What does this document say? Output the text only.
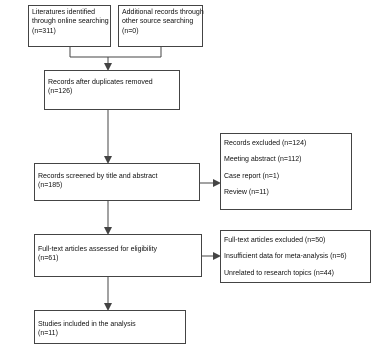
Literatures identified
through online searching
(n=311)
Additional records through
other source searching
(n=0)
Records after duplicates removed
(n=126)
Records screened by title and abstract
(n=185)
Records excluded (n=124)
Meeting abstract (n=112)
Case report (n=1)
Review (n=11)
Full-text articles assessed for eligibility
(n=61)
Full-text articles excluded (n=50)
Insufficient data for meta-analysis (n=6)
Unrelated to research topics (n=44)
Studies included in the analysis
(n=11)
